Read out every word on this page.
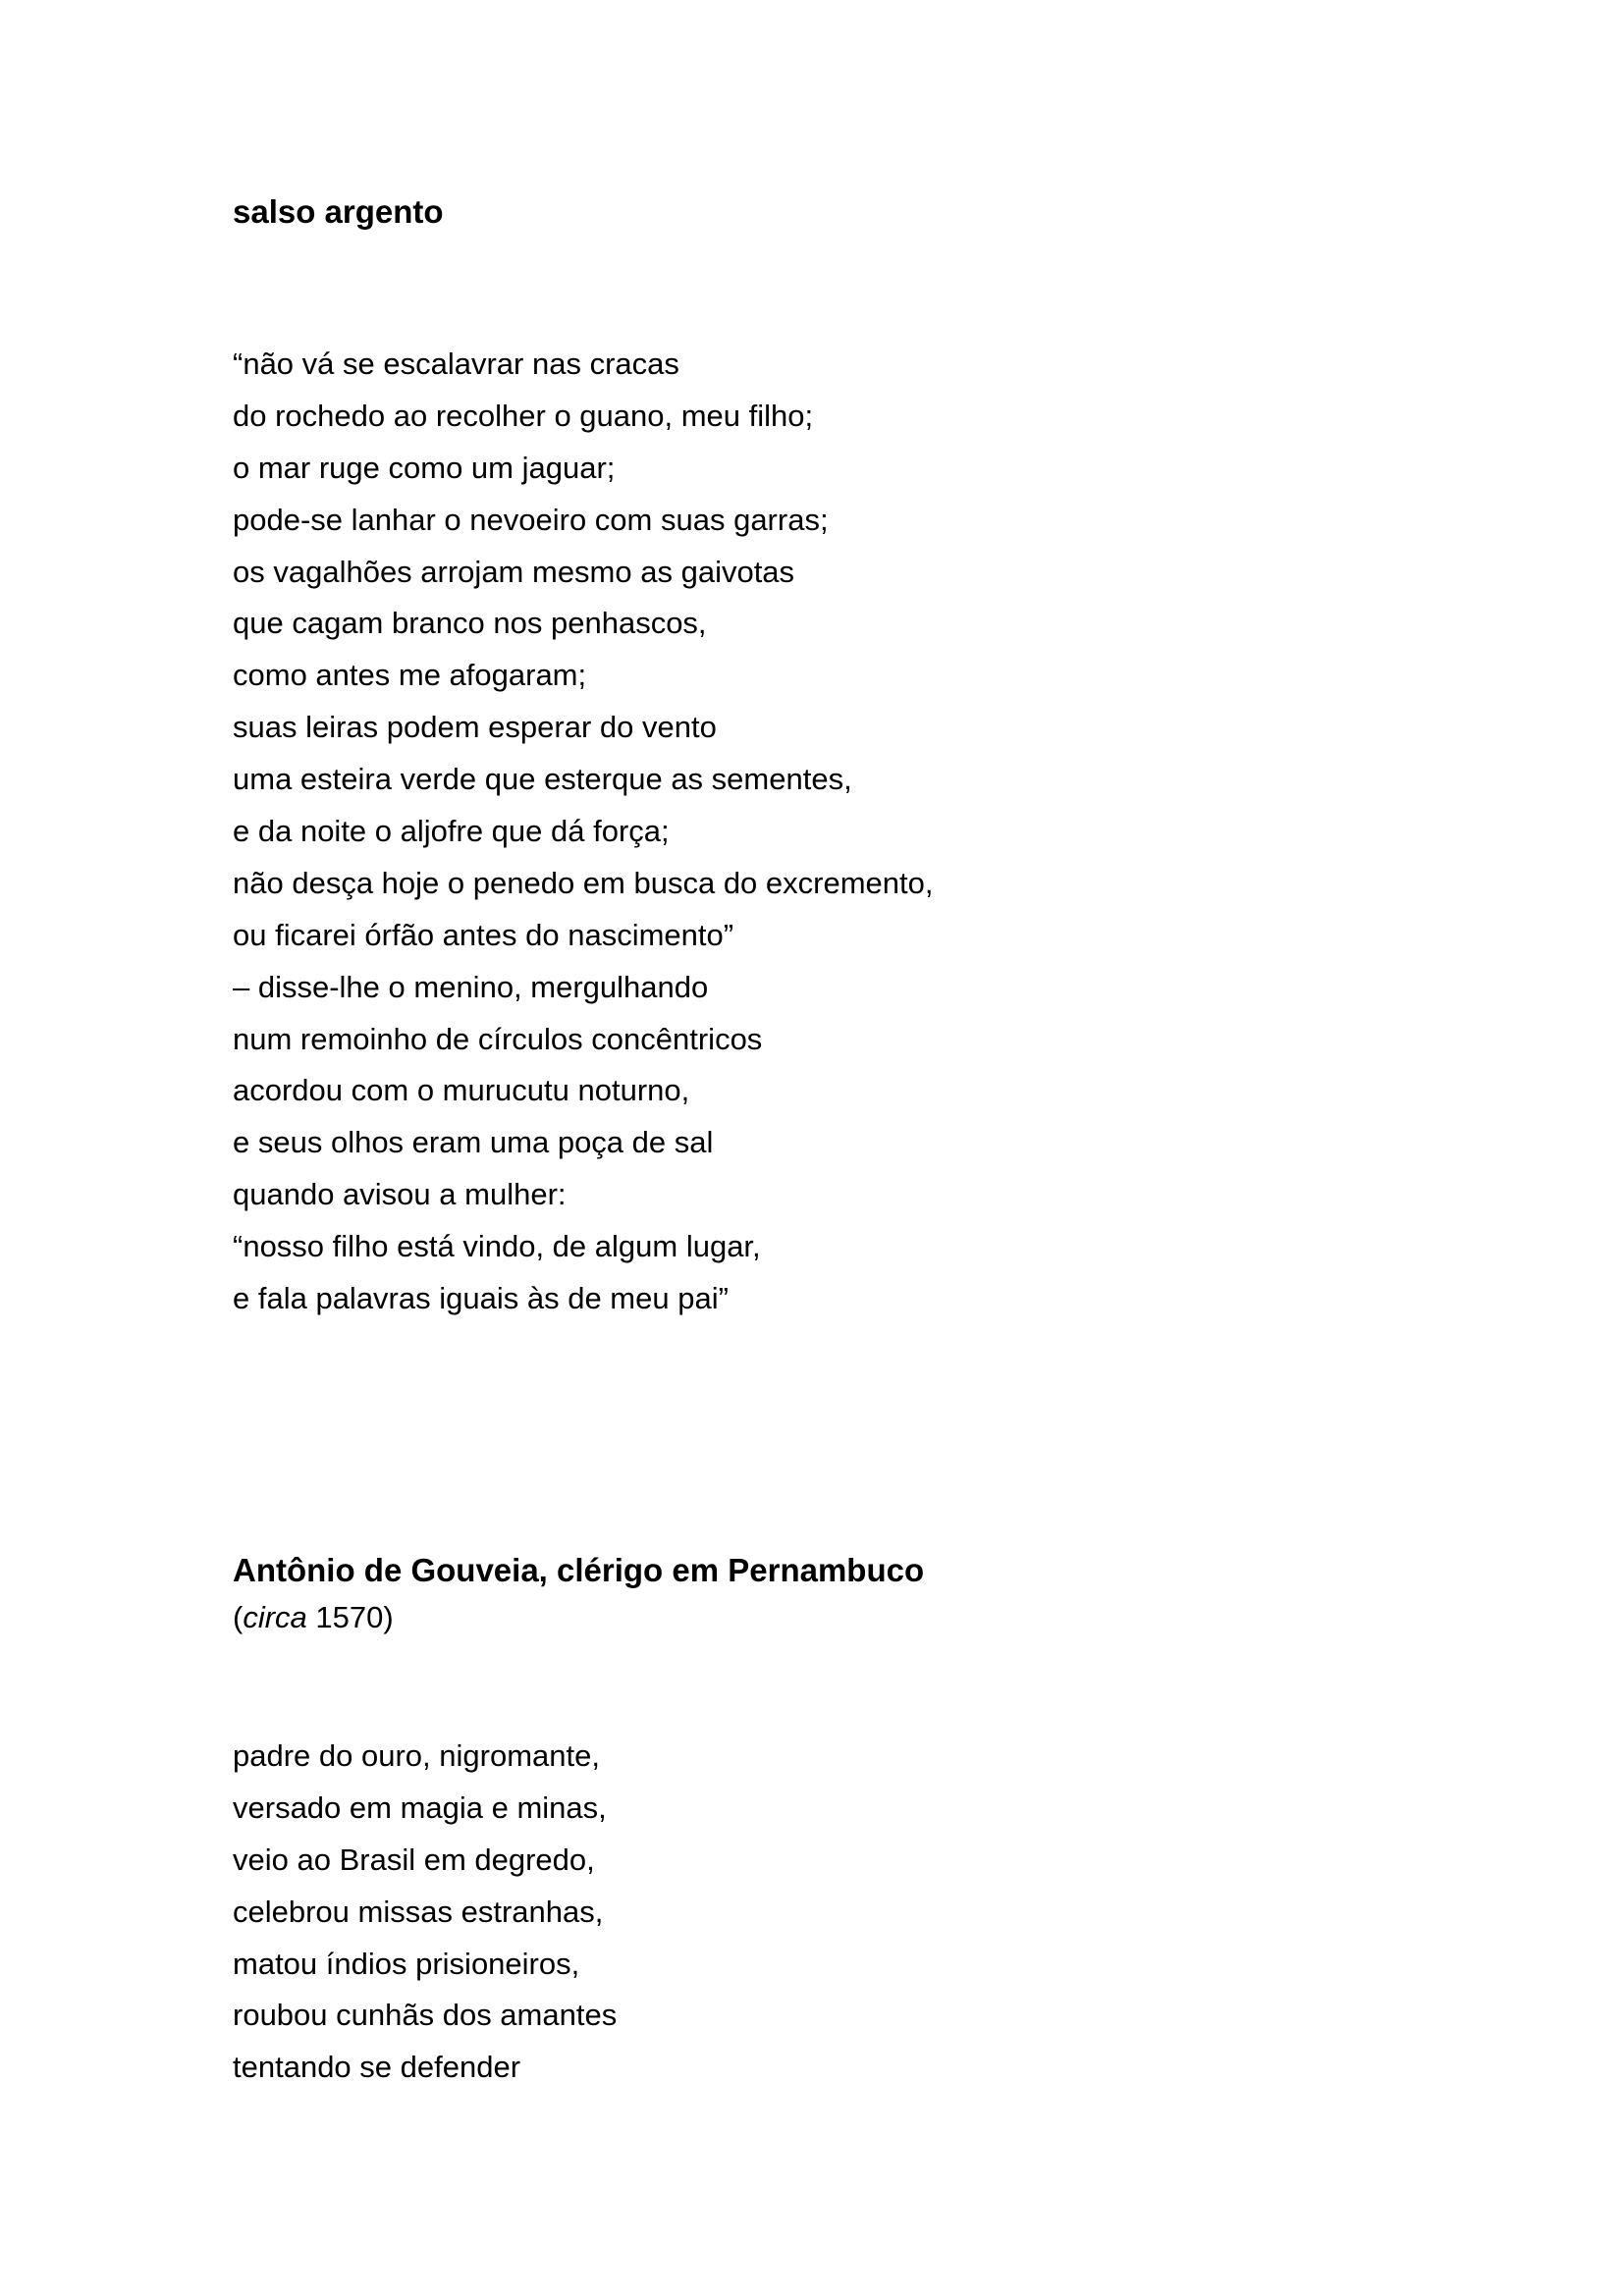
salso argento
“não vá se escalavrar nas cracas
do rochedo ao recolher o guano, meu filho;
o mar ruge como um jaguar;
pode-se lanhar o nevoeiro com suas garras;
os vagalhões arrojam mesmo as gaivotas
que cagam branco nos penhascos,
como antes me afogaram;
suas leiras podem esperar do vento
uma esteira verde que esterque as sementes,
e da noite o aljofre que dá força;
não desça hoje o penedo em busca do excremento,
ou ficarei órfão antes do nascimento”
– disse-lhe o menino, mergulhando
num remoinho de círculos concêntricos
acordou com o murucutu noturno,
e seus olhos eram uma poça de sal
quando avisou a mulher:
“nosso filho está vindo, de algum lugar,
e fala palavras iguais às de meu pai”
Antônio de Gouveia, clérigo em Pernambuco

(circa 1570)

padre do ouro, nigromante,
versado em magia e minas,
veio ao Brasil em degredo,
celebrou missas estranhas,
matou índios prisioneiros,
roubou cunhãs dos amantes
tentando se defender
